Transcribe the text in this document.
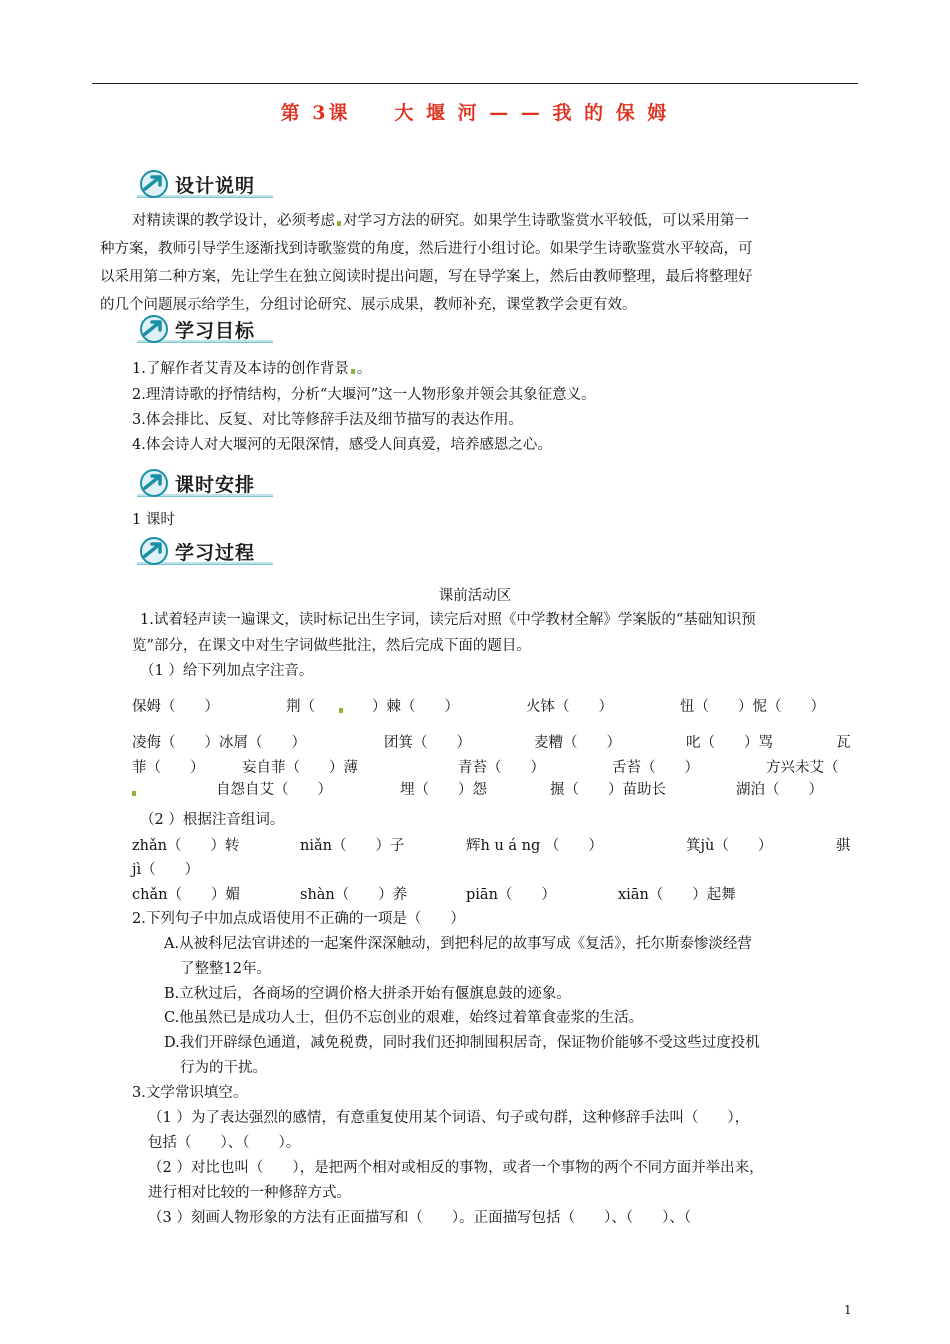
第 3课　　大 堰 河 — — 我 的 保 姆
设计说明
对精读课的教学设计，必须考虑 对学习方法的研究。如果学生诗歌鉴赏水平较低，可以采用第一
种方案，教师引导学生逐渐找到诗歌鉴赏的角度，然后进行小组讨论。如果学生诗歌鉴赏水平较高，可
以采用第二种方案，先让学生在独立阅读时提出问题，写在导学案上，然后由教师整理，最后将整理好
的几个问题展示给学生，分组讨论研究、展示成果，教师补充，课堂教学会更有效。
学习目标
1.了解作者艾青及本诗的创作背景 。
2.理清诗歌的抒情结构，分析“大堰河”这一人物形象并领会其象征意义。
3.体会排比、反复、对比等修辞手法及细节描写的表达作用。
4.体会诗人对大堰河的无限深情，感受人间真爱，培养感恩之心。
课时安排
1 课时
学习过程
课前活动区
1.试着轻声读一遍课文，读时标记出生字词，读完后对照《中学教材全解》学案版的“基础知识预
览”部分，在课文中对生字词做些批注，然后完成下面的题目。
（1 ）给下列加点字注音。
保姆（　　）	荆（	）棘（　　）	火钵（　　）	忸（　　）怩（　　）
凌侮（　　）冰屑（　　）	团箕（　　）	麦糟（　　）	叱（　　）骂	瓦
菲（　　）	妄自菲（　　）薄	青苔（　　）	舌苔（　　）	方兴未艾（
自怨自艾（　　）	埋（　　）怨	搌（　　）苗助长	湖泊（　　）
（2 ）根据注音组词。
zhǎn（　　）转	niǎn（　　）子	辉h u á ng （　　）	箕jù（　　）	骐
jì（　　）
chǎn（　　）媚	shàn（　　）养	piān（　　）	xiān（　　）起舞
2.下列句子中加点成语使用不正确的一项是（　　）
A.从被科尼法官讲述的一起案件深深触动，到把科尼的故事写成《复活》，托尔斯泰惨淡经营
了整整12年。
B.立秋过后，各商场的空调价格大拼杀开始有偃旗息鼓的迹象。
C.他虽然已是成功人士，但仍不忘创业的艰难，始终过着箪食壶浆的生活。
D.我们开辟绿色通道，减免税费，同时我们还抑制囤积居奇，保证物价能够不受这些过度投机
行为的干扰。
3.文学常识填空。
（1 ）为了表达强烈的感情，有意重复使用某个词语、句子或句群，这种修辞手法叫（　　），
包括（　　）、（　　）。
（2 ）对比也叫（　　），是把两个相对或相反的事物，或者一个事物的两个不同方面并举出来，
进行相对比较的一种修辞方式。
（3 ）刻画人物形象的方法有正面描写和（　　）。正面描写包括（　　）、（　　）、（
1
